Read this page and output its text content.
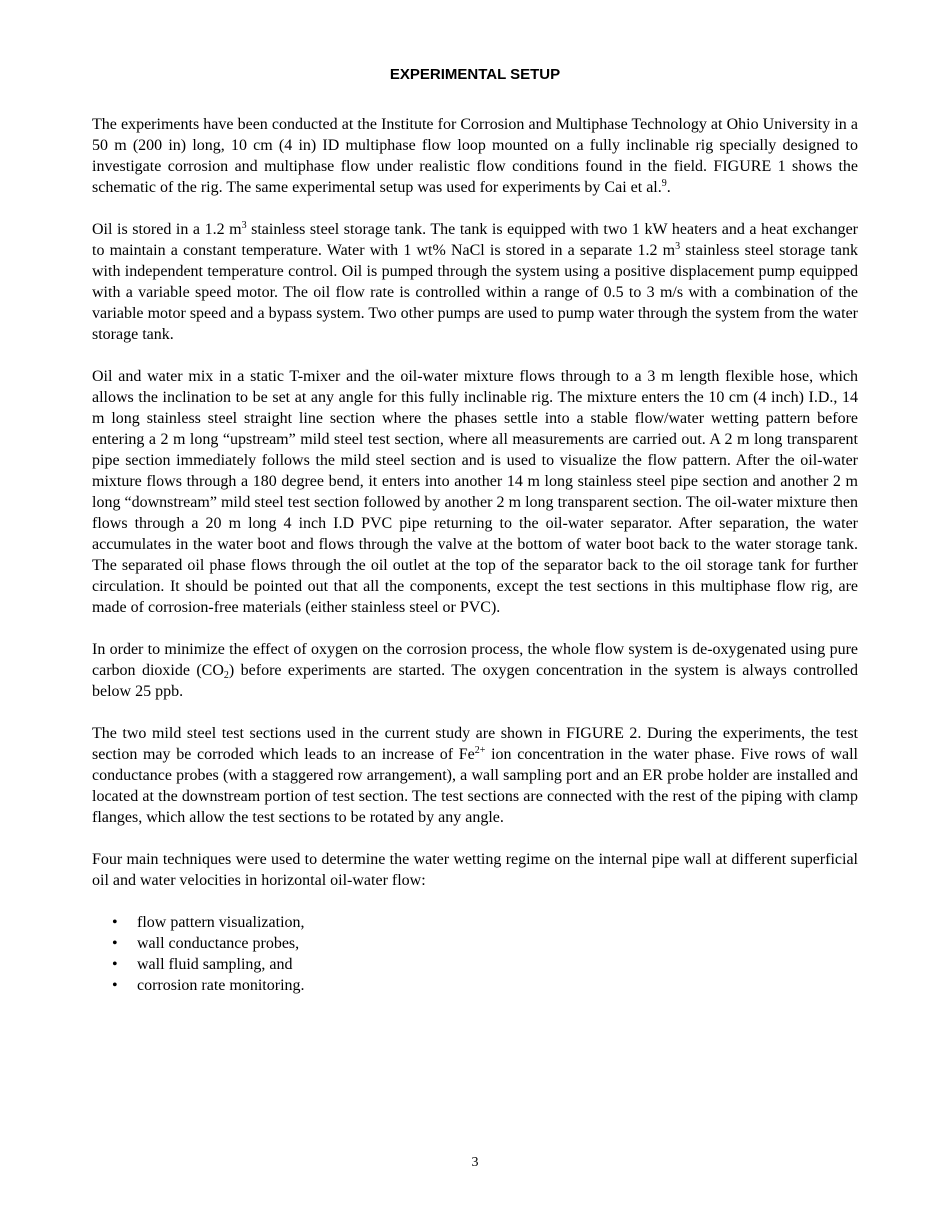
EXPERIMENTAL SETUP

The experiments have been conducted at the Institute for Corrosion and Multiphase Technology at Ohio University in a 50 m (200 in) long, 10 cm (4 in) ID multiphase flow loop mounted on a fully inclinable rig specially designed to investigate corrosion and multiphase flow under realistic flow conditions found in the field. FIGURE 1 shows the schematic of the rig. The same experimental setup was used for experiments by Cai et al.$^9$.

Oil is stored in a 1.2 $m^3$ stainless steel storage tank. The tank is equipped with two 1 kW heaters and a heat exchanger to maintain a constant temperature. Water with 1 wt% NaCl is stored in a separate 1.2 $m^3$ stainless steel storage tank with independent temperature control. Oil is pumped through the system using a positive displacement pump equipped with a variable speed motor. The oil flow rate is controlled within a range of 0.5 to 3 m/s with a combination of the variable motor speed and a bypass system. Two other pumps are used to pump water through the system from the water storage tank.

Oil and water mix in a static T-mixer and the oil-water mixture flows through to a 3 m length flexible hose, which allows the inclination to be set at any angle for this fully inclinable rig. The mixture enters the 10 cm (4 inch) I.D., 14 m long stainless steel straight line section where the phases settle into a stable flow/water wetting pattern before entering a 2 m long “upstream” mild steel test section, where all measurements are carried out. A 2 m long transparent pipe section immediately follows the mild steel section and is used to visualize the flow pattern. After the oil-water mixture flows through a 180 degree bend, it enters into another 14 m long stainless steel pipe section and another 2 m long “downstream” mild steel test section followed by another 2 m long transparent section. The oil-water mixture then flows through a 20 m long 4 inch I.D PVC pipe returning to the oil-water separator. After separation, the water accumulates in the water boot and flows through the valve at the bottom of water boot back to the water storage tank. The separated oil phase flows through the oil outlet at the top of the separator back to the oil storage tank for further circulation. It should be pointed out that all the components, except the test sections in this multiphase flow rig, are made of corrosion-free materials (either stainless steel or PVC).

In order to minimize the effect of oxygen on the corrosion process, the whole flow system is de-oxygenated using pure carbon dioxide $(CO_2)$ before experiments are started. The oxygen concentration in the system is always controlled below 25 ppb.

The two mild steel test sections used in the current study are shown in FIGURE 2. During the experiments, the test section may be corroded which leads to an increase of $Fe^{2+}$ ion concentration in the water phase. Five rows of wall conductance probes (with a staggered row arrangement), a wall sampling port and an ER probe holder are installed and located at the downstream portion of test section. The test sections are connected with the rest of the piping with clamp flanges, which allow the test sections to be rotated by any angle.

Four main techniques were used to determine the water wetting regime on the internal pipe wall at different superficial oil and water velocities in horizontal oil-water flow:

• flow pattern visualization,
• wall conductance probes,
• wall fluid sampling, and
• corrosion rate monitoring.
3
